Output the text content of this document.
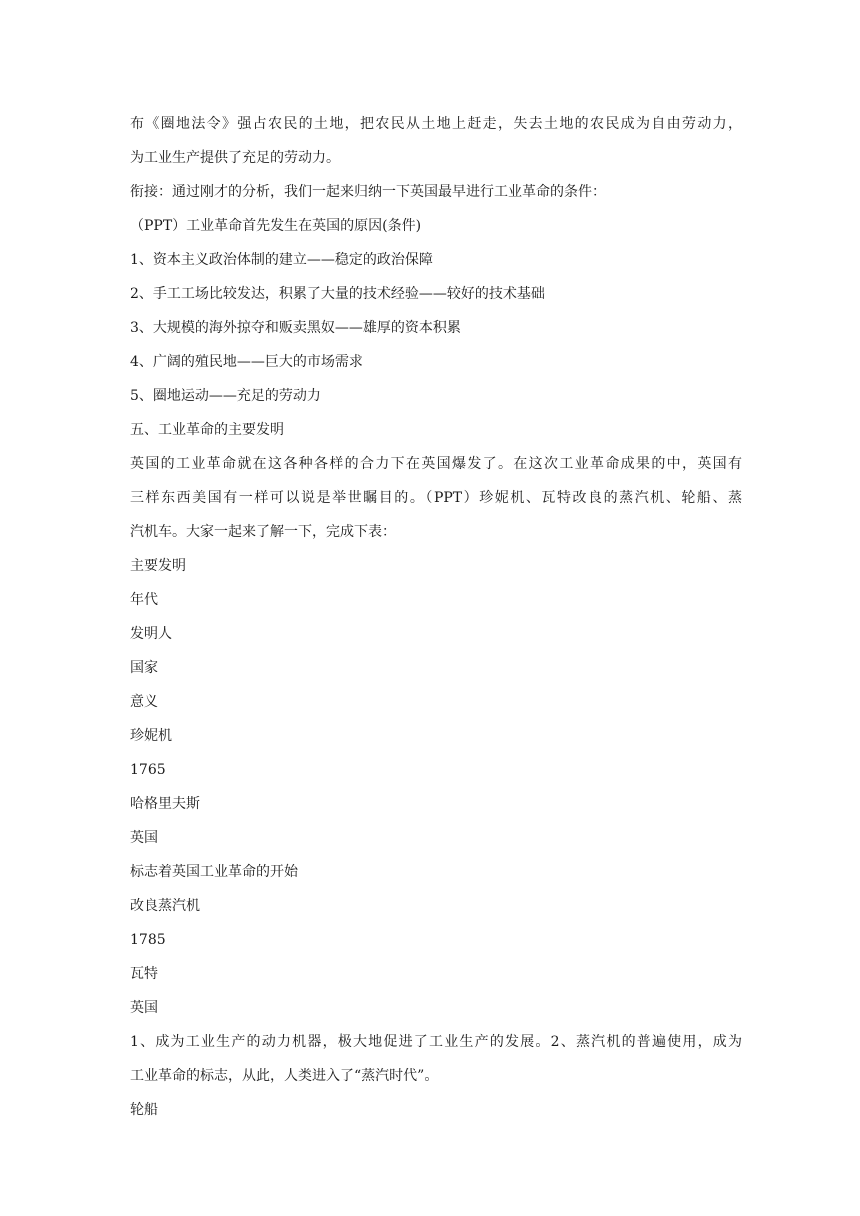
布《圈地法令》强占农民的土地，把农民从土地上赶走，失去土地的农民成为自由劳动力，
为工业生产提供了充足的劳动力。

衔接：通过刚才的分析，我们一起来归纳一下英国最早进行工业革命的条件：

（PPT）工业革命首先发生在英国的原因(条件)

1、资本主义政治体制的建立——稳定的政治保障

2、手工工场比较发达，积累了大量的技术经验——较好的技术基础

3、大规模的海外掠夺和贩卖黑奴——雄厚的资本积累

4、广阔的殖民地——巨大的市场需求

5、圈地运动——充足的劳动力

五、工业革命的主要发明

英国的工业革命就在这各种各样的合力下在英国爆发了。在这次工业革命成果的中，英国有
三样东西美国有一样可以说是举世瞩目的。（PPT）珍妮机、瓦特改良的蒸汽机、轮船、蒸
汽机车。大家一起来了解一下，完成下表：

主要发明

年代

发明人

国家

意义

珍妮机

1765

哈格里夫斯

英国

标志着英国工业革命的开始

改良蒸汽机

1785

瓦特

英国

1、成为工业生产的动力机器，极大地促进了工业生产的发展。2、蒸汽机的普遍使用，成为
工业革命的标志，从此，人类进入了“蒸汽时代”。

轮船
